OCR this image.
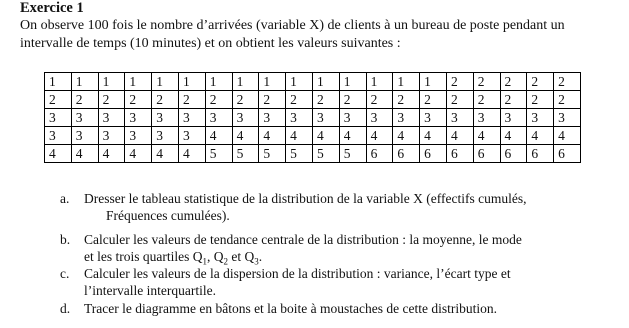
Exercice 1

On observe 100 fois le nombre d’arrivées (variable X) de clients à un bureau de poste pendant un intervalle de temps (10 minutes) et on obtient les valeurs suivantes :

1	1	1	1	1	1	1	1	1	1	1	1	1	1	1	2	2	2	2	2
2	2	2	2	2	2	2	2	2	2	2	2	2	2	2	2	2	2	2	2
3	3	3	3	3	3	3	3	3	3	3	3	3	3	3	3	3	3	3	3
3	3	3	3	3	3	4	4	4	4	4	4	4	4	4	4	4	4	4	4
4	4	4	4	4	4	5	5	5	5	5	5	6	6	6	6	6	6	6	6
a. Dresser le tableau statistique de la distribution de la variable X (effectifs cumulés,
Fréquences cumulées).
b. Calculer les valeurs de tendance centrale de la distribution : la moyenne, le mode
et les trois quartiles $Q_1$, $Q_2$ et $Q_3$.
c. Calculer les valeurs de la dispersion de la distribution : variance, l’écart type et
l’intervalle interquartile.
d. Tracer le diagramme en bâtons et la boite à moustaches de cette distribution.
